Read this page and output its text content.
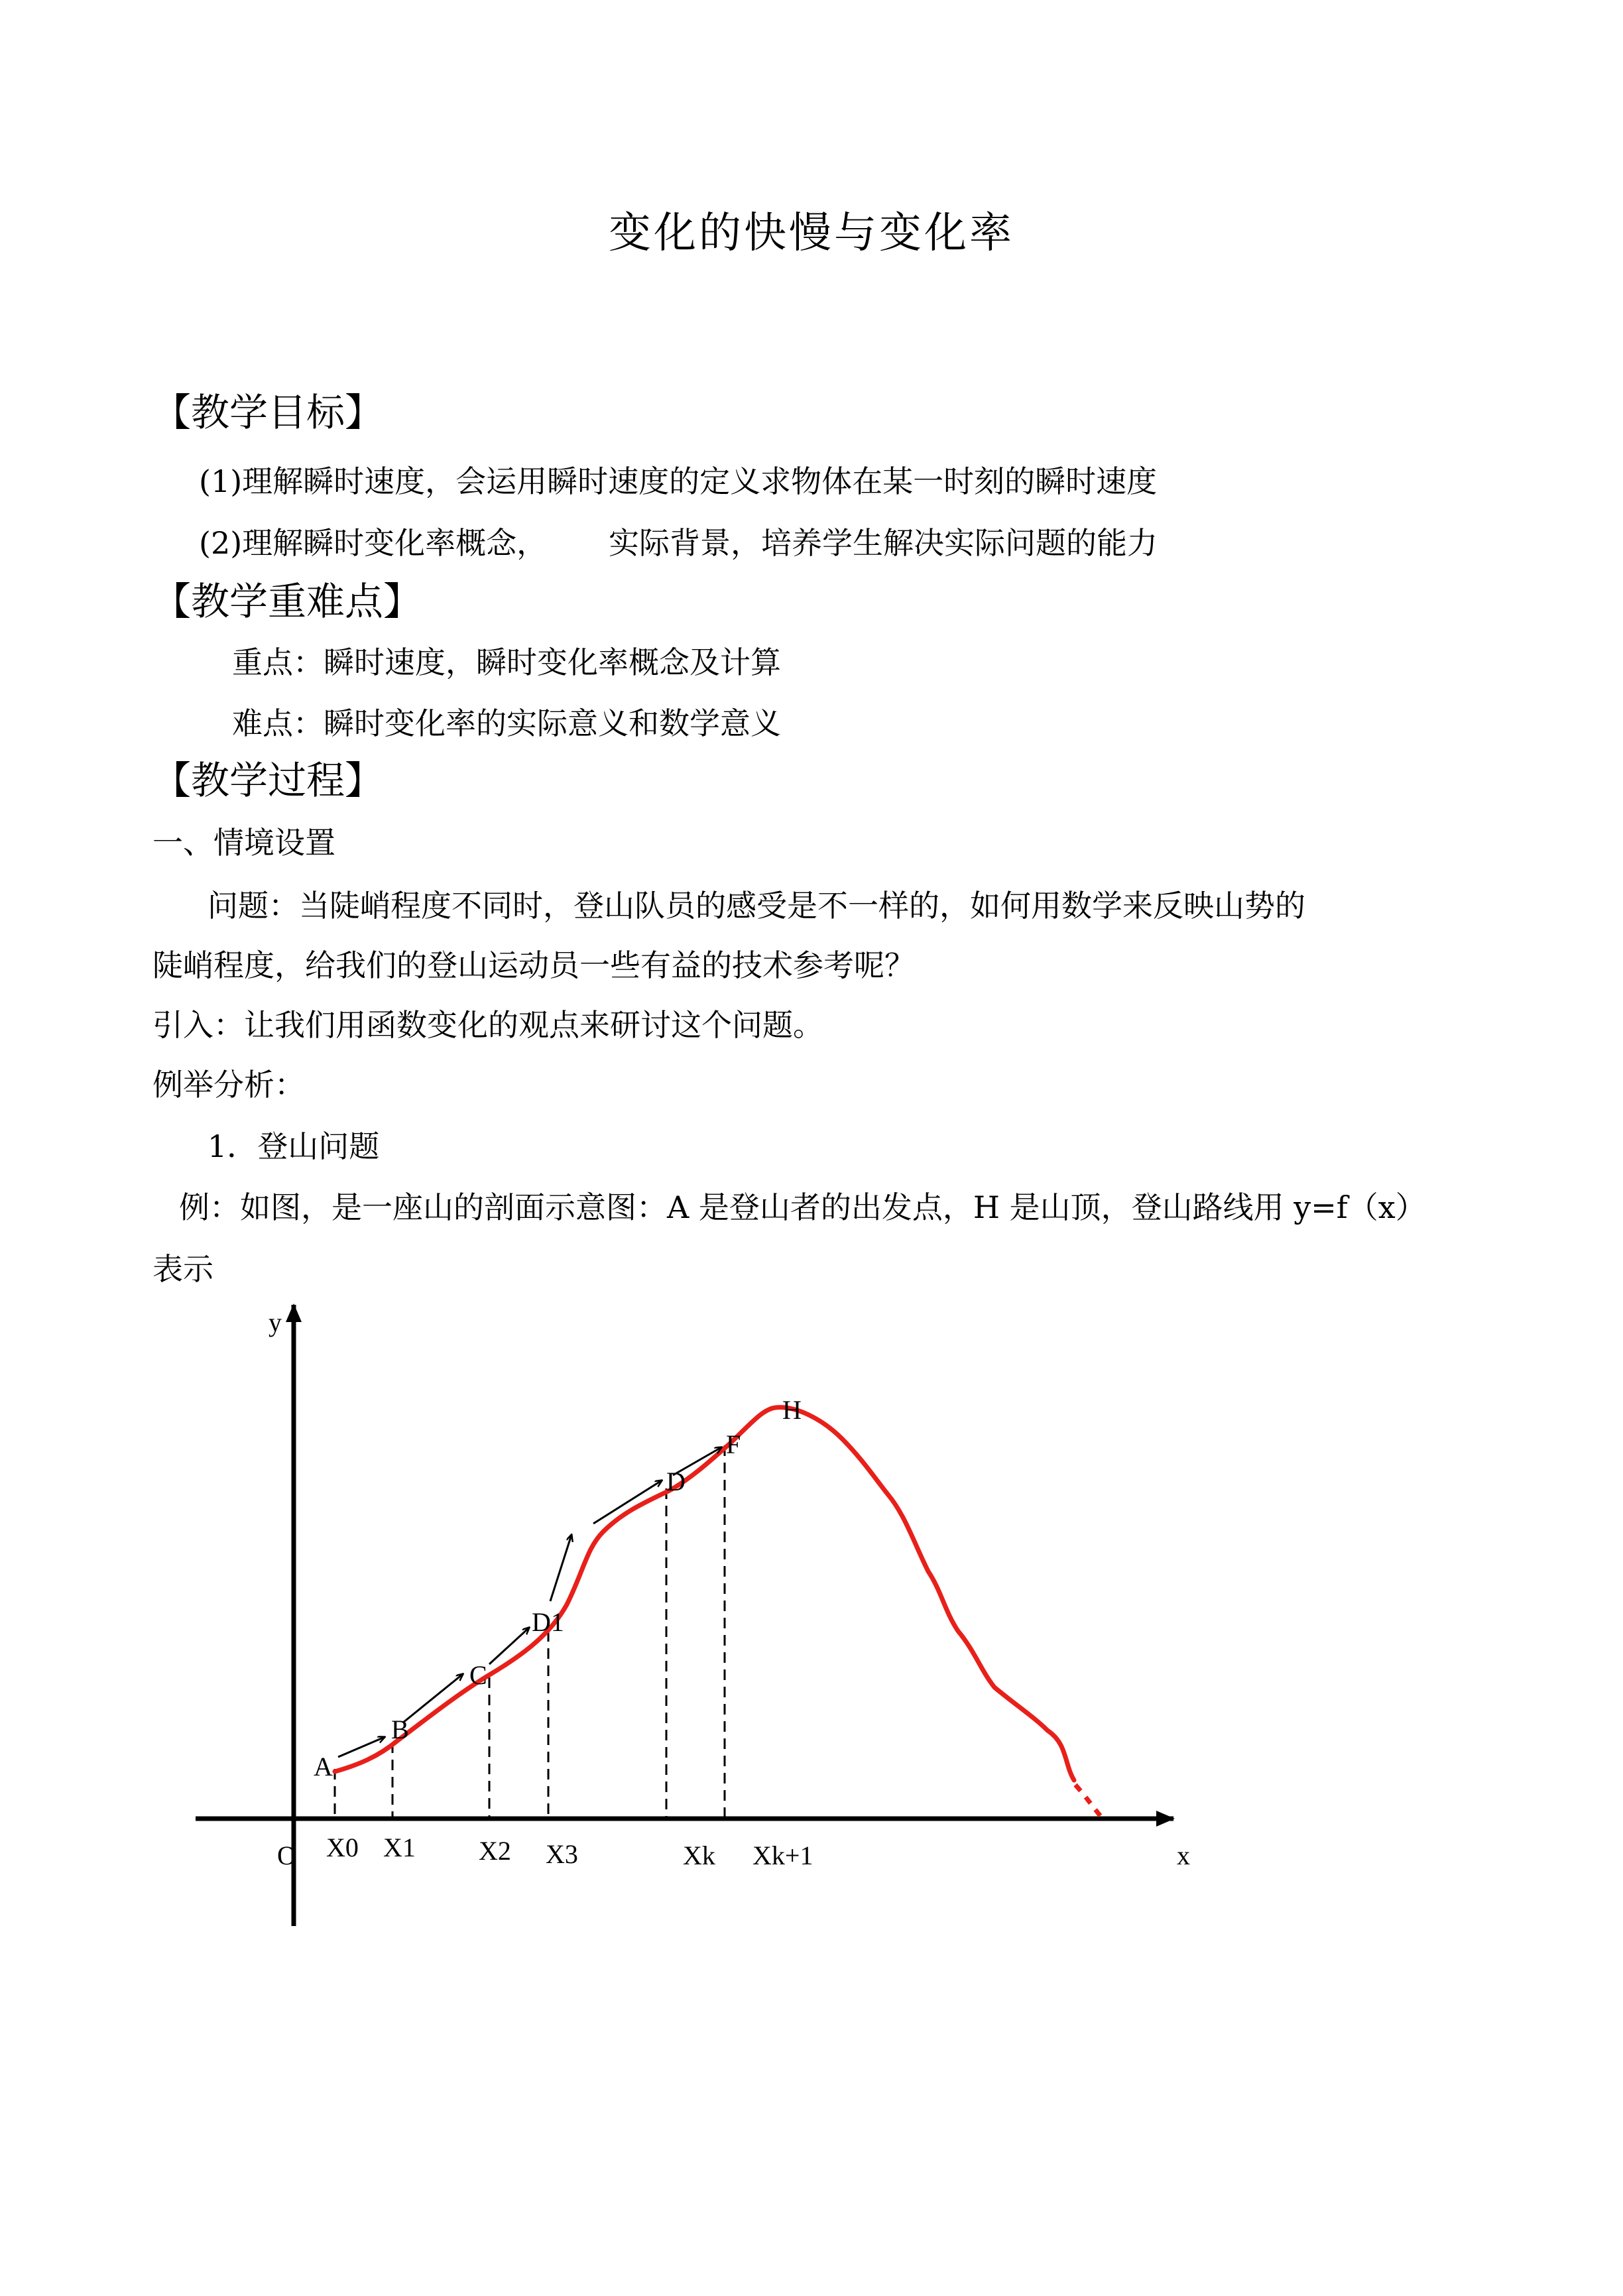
变化的快慢与变化率
【教学目标】
(1)理解瞬时速度，会运用瞬时速度的定义求物体在某一时刻的瞬时速度
(2)理解瞬时变化率概念， 实际背景，培养学生解决实际问题的能力
【教学重难点】
重点：瞬时速度，瞬时变化率概念及计算
难点：瞬时变化率的实际意义和数学意义
【教学过程】
一、情境设置
问题：当陡峭程度不同时，登山队员的感受是不一样的，如何用数学来反映山势的
陡峭程度，给我们的登山运动员一些有益的技术参考呢？
引入：让我们用函数变化的观点来研讨这个问题。
例举分析：
1．登山问题
例：如图，是一座山的剖面示意图：A 是登山者的出发点，H 是山顶，登山路线用 y=f（x）
表示
y
x
O
A
B
C
D1
D
F
H
X0 X1 X2 X3	Xk Xk+1
